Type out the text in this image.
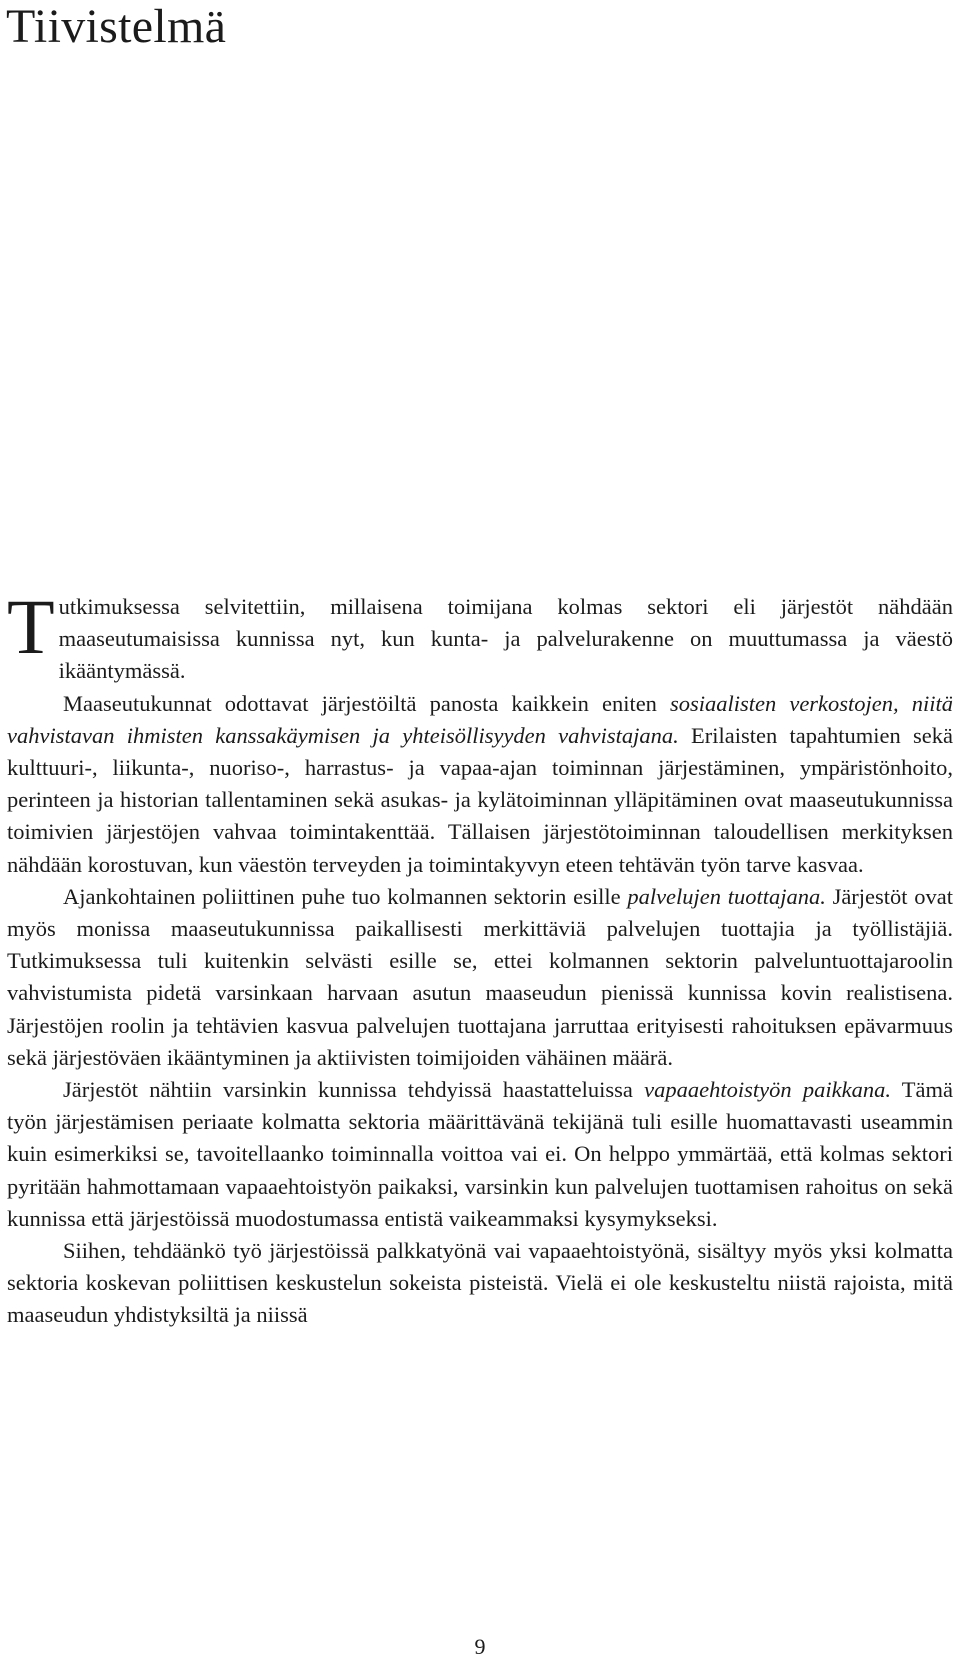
Tiivistelmä

Tutkimuksessa selvitettiin, millaisena toimijana kolmas sektori eli järjestöt nähdään maaseutumaisissa kunnissa nyt, kun kunta- ja palvelurakenne on muuttumassa ja väestö ikääntymässä.

Maaseutukunnat odottavat järjestöiltä panosta kaikkein eniten sosiaalisten verkostojen, niitä vahvistavan ihmisten kanssakäymisen ja yhteisöllisyyden vahvistajana. Erilaisten tapahtumien sekä kulttuuri-, liikunta-, nuoriso-, harrastus- ja vapaa-ajan toiminnan järjestäminen, ympäristönhoito, perinteen ja historian tallentaminen sekä asukas- ja kylätoiminnan ylläpitäminen ovat maaseutukunnissa toimivien järjestöjen vahvaa toimintakenttää. Tällaisen järjestötoiminnan taloudellisen merkityksen nähdään korostuvan, kun väestön terveyden ja toimintakyvyn eteen tehtävän työn tarve kasvaa.

Ajankohtainen poliittinen puhe tuo kolmannen sektorin esille palvelujen tuottajana. Järjestöt ovat myös monissa maaseutukunnissa paikallisesti merkittäviä palvelujen tuottajia ja työllistäjiä. Tutkimuksessa tuli kuitenkin selvästi esille se, ettei kolmannen sektorin palveluntuottajaroolin vahvistumista pidetä varsinkaan harvaan asutun maaseudun pienissä kunnissa kovin realistisena. Järjestöjen roolin ja tehtävien kasvua palvelujen tuottajana jarruttaa erityisesti rahoituksen epävarmuus sekä järjestöväen ikääntyminen ja aktiivisten toimijoiden vähäinen määrä.

Järjestöt nähtiin varsinkin kunnissa tehdyissä haastatteluissa vapaaehtoistyön paikkana. Tämä työn järjestämisen periaate kolmatta sektoria määrittävänä tekijänä tuli esille huomattavasti useammin kuin esimerkiksi se, tavoitellaanko toiminnalla voittoa vai ei. On helppo ymmärtää, että kolmas sektori pyritään hahmottamaan vapaaehtoistyön paikaksi, varsinkin kun palvelujen tuottamisen rahoitus on sekä kunnissa että järjestöissä muodostumassa entistä vaikeammaksi kysymykseksi.

Siihen, tehdäänkö työ järjestöissä palkkatyönä vai vapaaehtoistyönä, sisältyy myös yksi kolmatta sektoria koskevan poliittisen keskustelun sokeista pisteistä. Vielä ei ole keskusteltu niistä rajoista, mitä maaseudun yhdistyksiltä ja niissä

9
